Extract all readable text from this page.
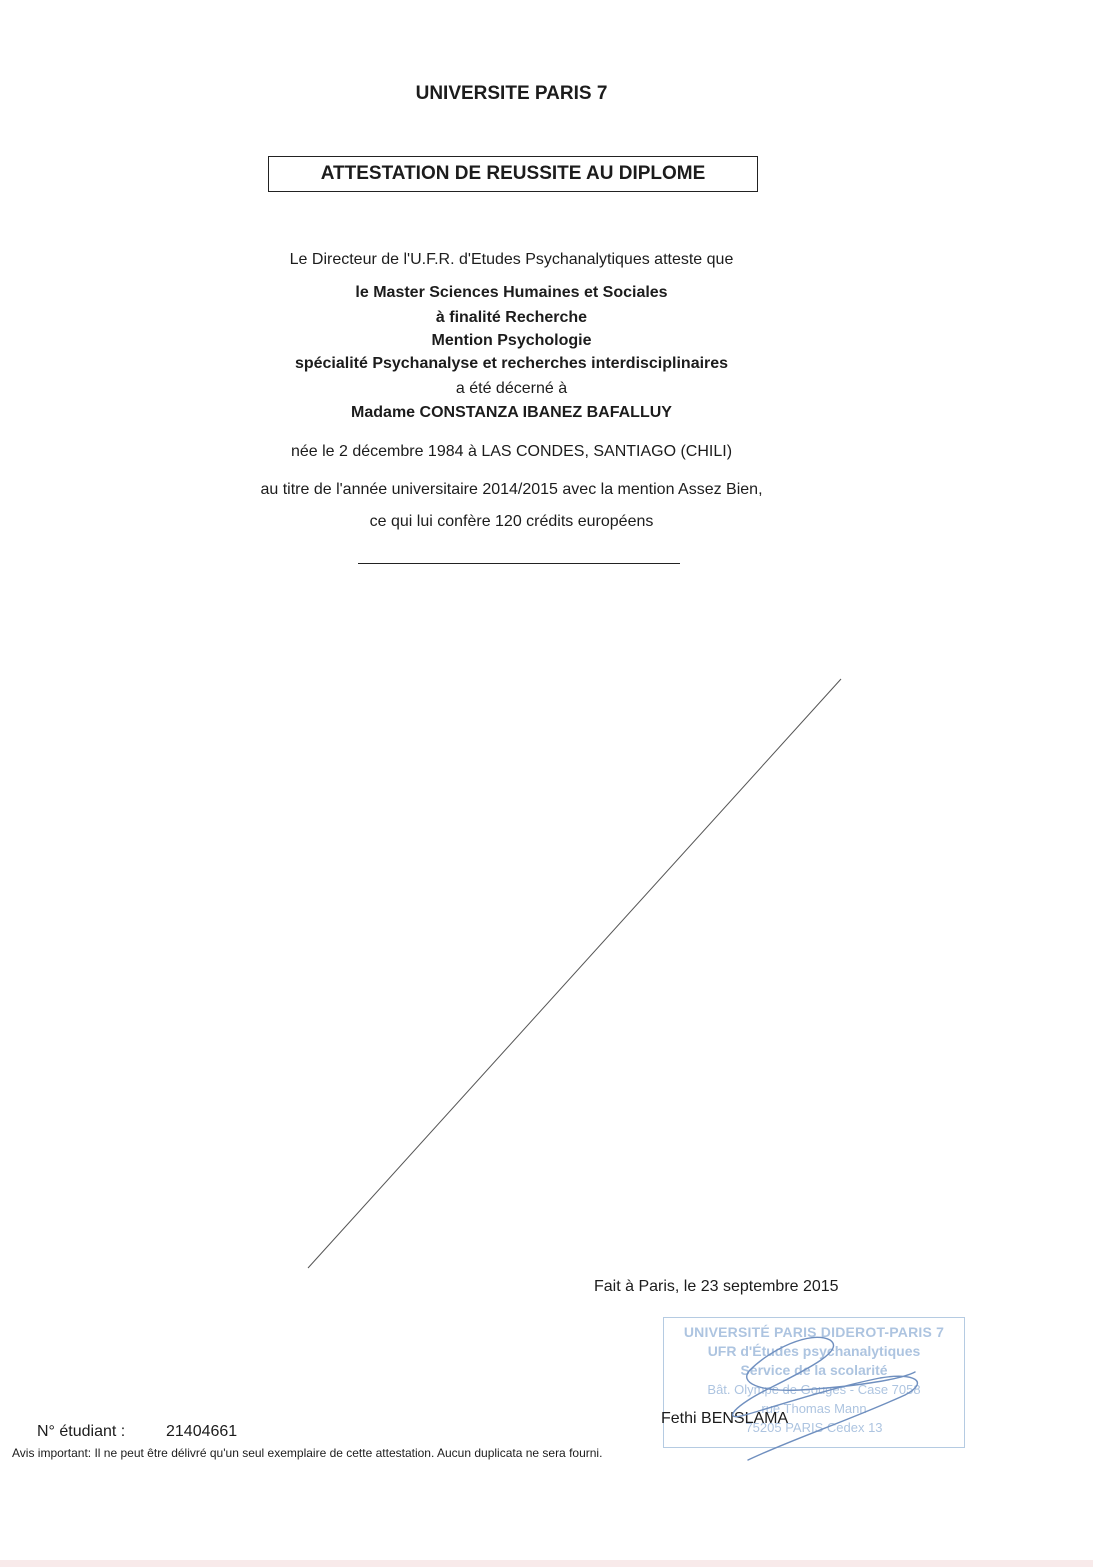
UNIVERSITE PARIS 7
ATTESTATION DE REUSSITE AU DIPLOME
Le Directeur de l'U.F.R. d'Etudes Psychanalytiques atteste que
le Master Sciences Humaines et Sociales
à finalité Recherche
Mention Psychologie
spécialité Psychanalyse et recherches interdisciplinaires
a été décerné à
Madame CONSTANZA IBANEZ BAFALLUY
née le 2 décembre 1984 à LAS CONDES, SANTIAGO (CHILI)
au titre de l'année universitaire 2014/2015 avec la mention Assez Bien,
ce qui lui confère 120 crédits européens
Fait à Paris, le 23 septembre 2015
UNIVERSITÉ PARIS DIDEROT-PARIS 7
UFR d'Études psychanalytiques
Service de la scolarité
Bât. Olympe de Gouges - Case 7058
rue Thomas Mann
75205 PARIS Cedex 13
Fethi BENSLAMA
N° étudiant :	21404661
Avis important: Il ne peut être délivré qu'un seul exemplaire de cette attestation. Aucun duplicata ne sera fourni.
